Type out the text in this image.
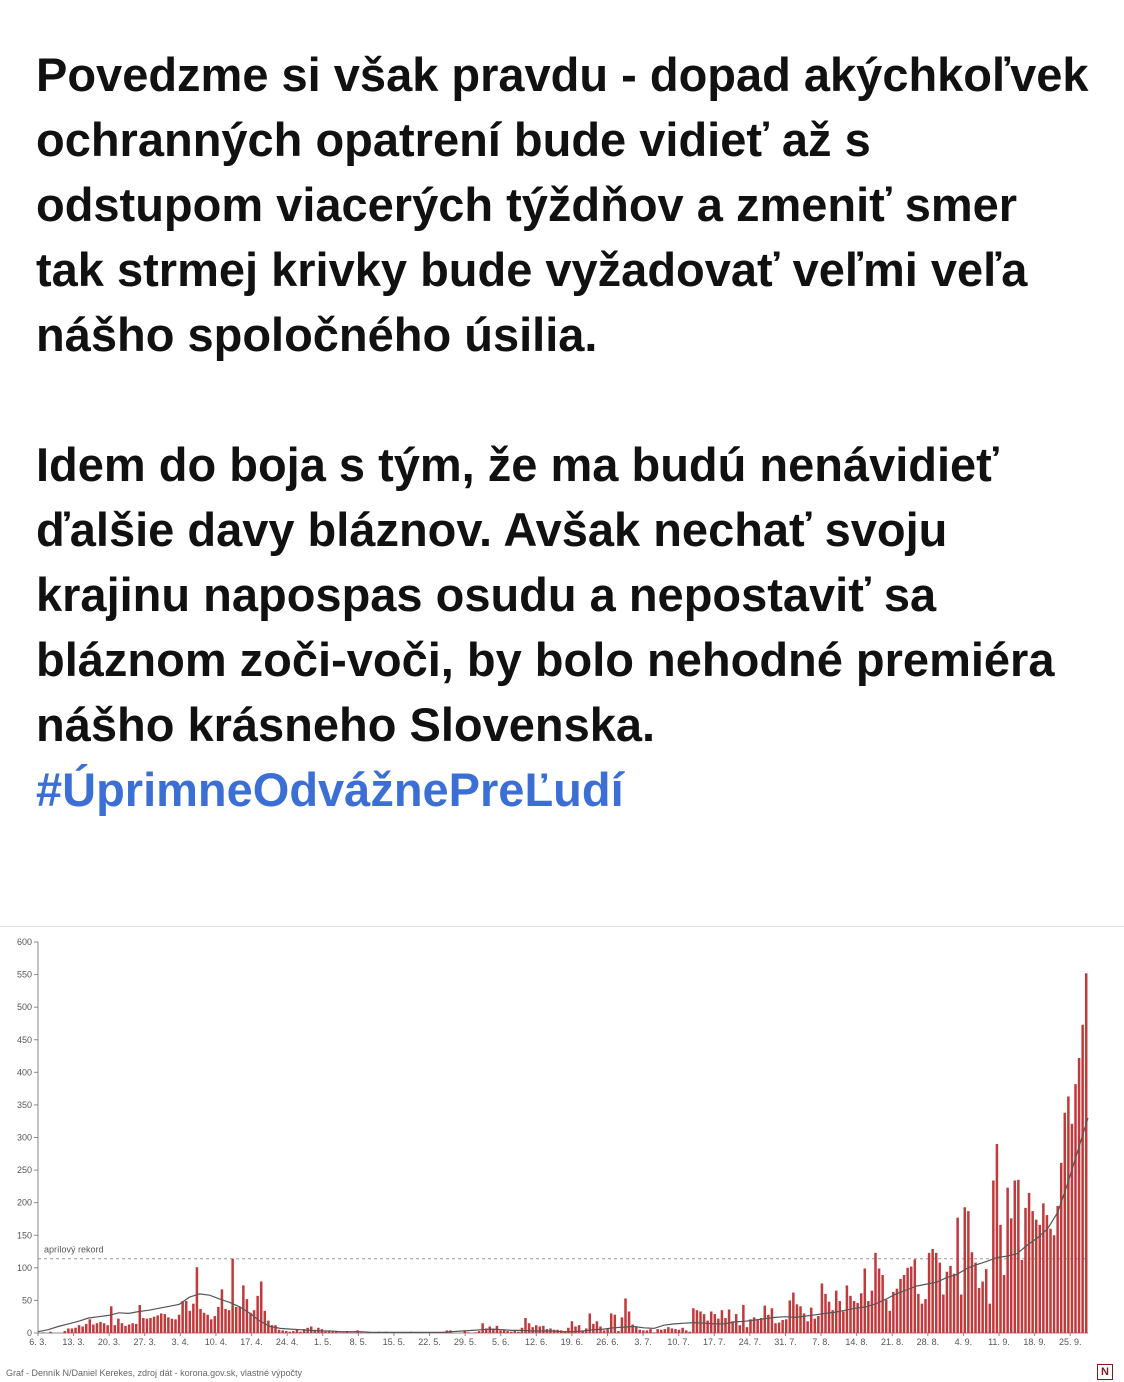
Povedzme si však pravdu - dopad akýchkoľvek ochranných opatrení bude vidieť až s odstupom viacerých týždňov a zmeniť smer tak strmej krivky bude vyžadovať veľmi veľa nášho spoločného úsilia.

Idem do boja s tým, že ma budú nenávidieť ďalšie davy bláznov. Avšak nechať svoju krajinu napospas osudu a nepostaviť sa bláznom zoči-voči, by bolo nehodné premiéra nášho krásneho Slovenska.

#ÚprimneOdvážnePreĽudí

0
50
100
150
200
250
300
350
400
450
500
550
600
aprílový rekord
6. 3. 13. 3. 20. 3. 27. 3. 3. 4. 10. 4. 17. 4. 24. 4. 1. 5. 8. 5. 15. 5. 22. 5. 29. 5. 5. 6. 12. 6. 19. 6. 26. 6. 3. 7. 10. 7. 17. 7. 24. 7. 31. 7. 7. 8. 14. 8. 21. 8. 28. 8. 4. 9. 11. 9. 18. 9. 25. 9.
Graf - Denník N/Daniel Kerekes, zdroj dát - korona.gov.sk, vlastné výpočty	N
